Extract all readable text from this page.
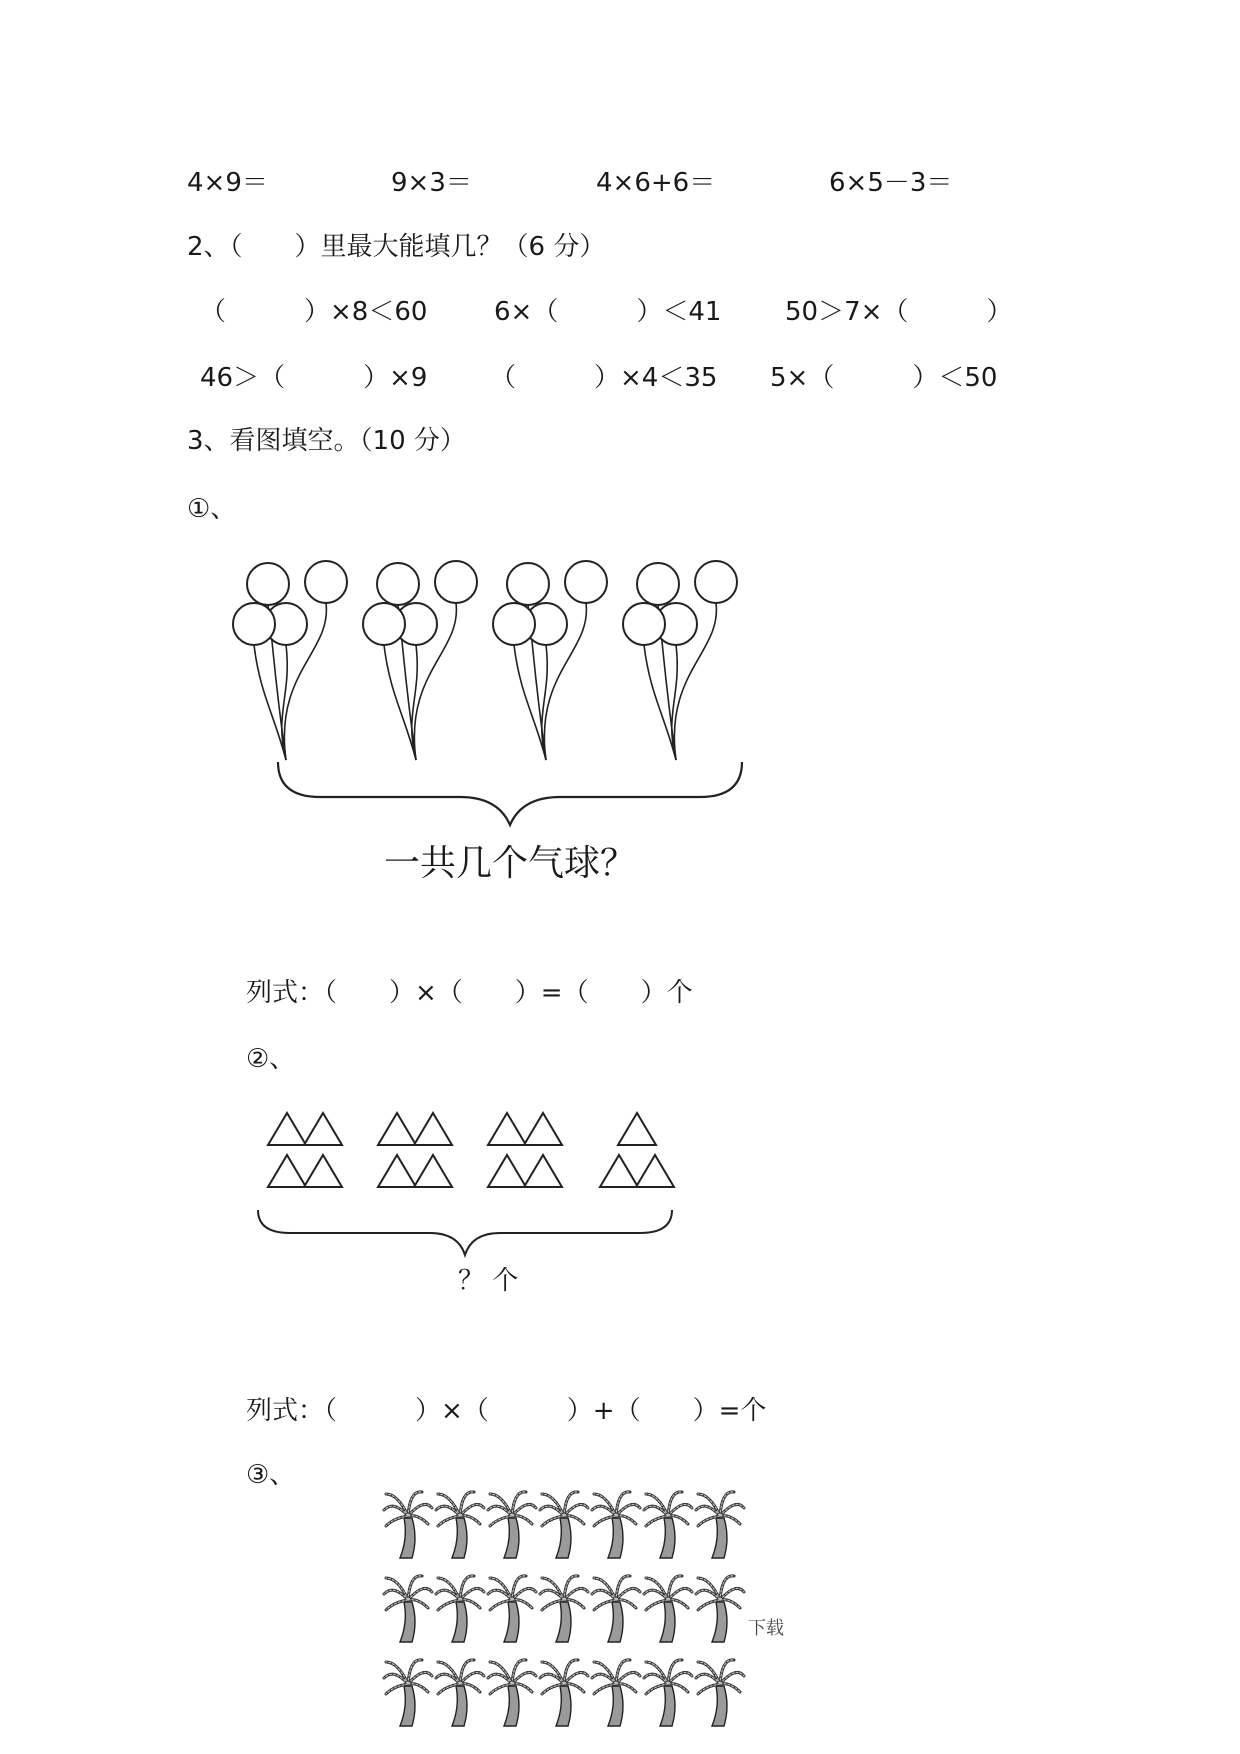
4×9＝	9×3＝	4×6+6＝	6×5－3＝
2、（　　）里最大能填几？（6 分）
（　　　）×8＜60	6×（　　　）＜41 50＞7×（　　　）
46＞（　　　）×9 （　　　）×4＜35 5×（　　　）＜50
3、看图填空。（10 分）
①、
一共几个气球？
列式：（　　）×（　　）=（　　）个
②、
？ 个
列式：（　　　）×（　　　）+（　　）=个
③、
下载
